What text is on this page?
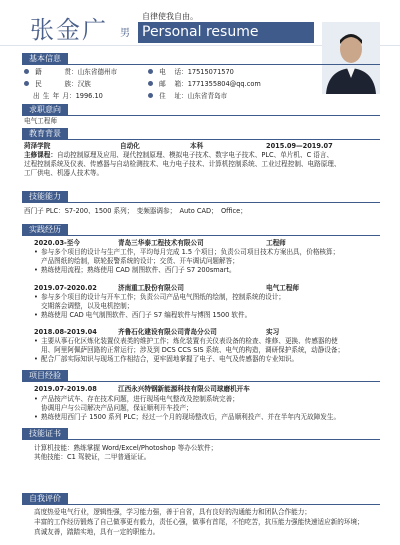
张金广 男
自律使我自由。
Personal resume
基本信息
籍　贯：山东省德州市	电　话：17515071570
民　族：汉族	邮　箱：1771355804@qq.com
出生年月：1996.10	住　址：山东省青岛市
求职意向
电气工程师
教育背景
菏泽学院	自动化	本科	2015.09—2019.07
主修课程：自动控制原理及应用、现代控制原理、模拟电子技术、数字电子技术、PLC、单片机、C 语言、
过程控制系统及仪表、传感器与自动检测技术、电力电子技术、计算机控制系统、工业过程控制、电路原理、
工厂供电、机器人技术等。
技能能力
西门子 PLC：S7-200、1500 系列；　变频器调参；　Auto CAD；　Office；
实践经历
2020.03-至今	青岛三华泰工程技术有限公司	工程师
• 参与多个项目的设计与生产工作，平均每月完成 1.5 个项目；负责公司项目技术方案出具，价格核算；
产品图纸的绘制，联轮报警系统的设计；交货、开车调试问题解答；
• 熟练使用流程；熟练使用 CAD 制图软件、西门子 S7 200smart。
2019.07-2020.02	济南重工股份有限公司	电气工程师
• 参与多个项目的设计与开车工作；负责公司产品电气图纸的绘制，控制系统的设计；
交期落会调整，以及电机控制；
• 熟练使用 CAD 电气制图软件、西门子 S7 编程软件与博图 1500 软件。
2018.08-2019.04	齐鲁石化建设有限公司青岛分公司	实习
• 主要从事石化区炼化装置仪表类的维护工作；炼化装置有关仪表设备的检查、维修、更换、传感器的使
用、阿里阿佩萨回路的正常运行；涉及到 DCS CCS SIS 系统、电气的构造，调研保护系统，动静设备；
• 配合厂部实际知识与现场工作相结合，更牢固地掌握了电子、电气及传感器的专业知识。
项目经验
2019.07-2019.08	江西永兴特钢新能源科技有限公司球磨机开车
• 产品按产试车、存在技术问题，进行现场电气整改及控制系统完善；
协调用户与公司解决产品问题，保证顺利开车投产；
• 熟练使用西门子 1500 系列 PLC；经过一个月的现场整改后，产品顺利投产、并在半年内无故障发生。
技能证书
计算机技能：熟练掌握 Word/Excel/Photoshop 等办公软件；
其他技能：C1 驾驶证，二甲普通证证。
自我评价
高度热爱电气行业，逻辑性强，学习能力强，善于自省，具有良好的沟通能力和团队合作能力；
丰富的工作经历锻炼了自己做事更有毅力，责任心强，做事有首尾，不怕吃苦，抗压能力强能快速适应新的环境；
真诚友善，踏踏实地，具有一定的职能力。
